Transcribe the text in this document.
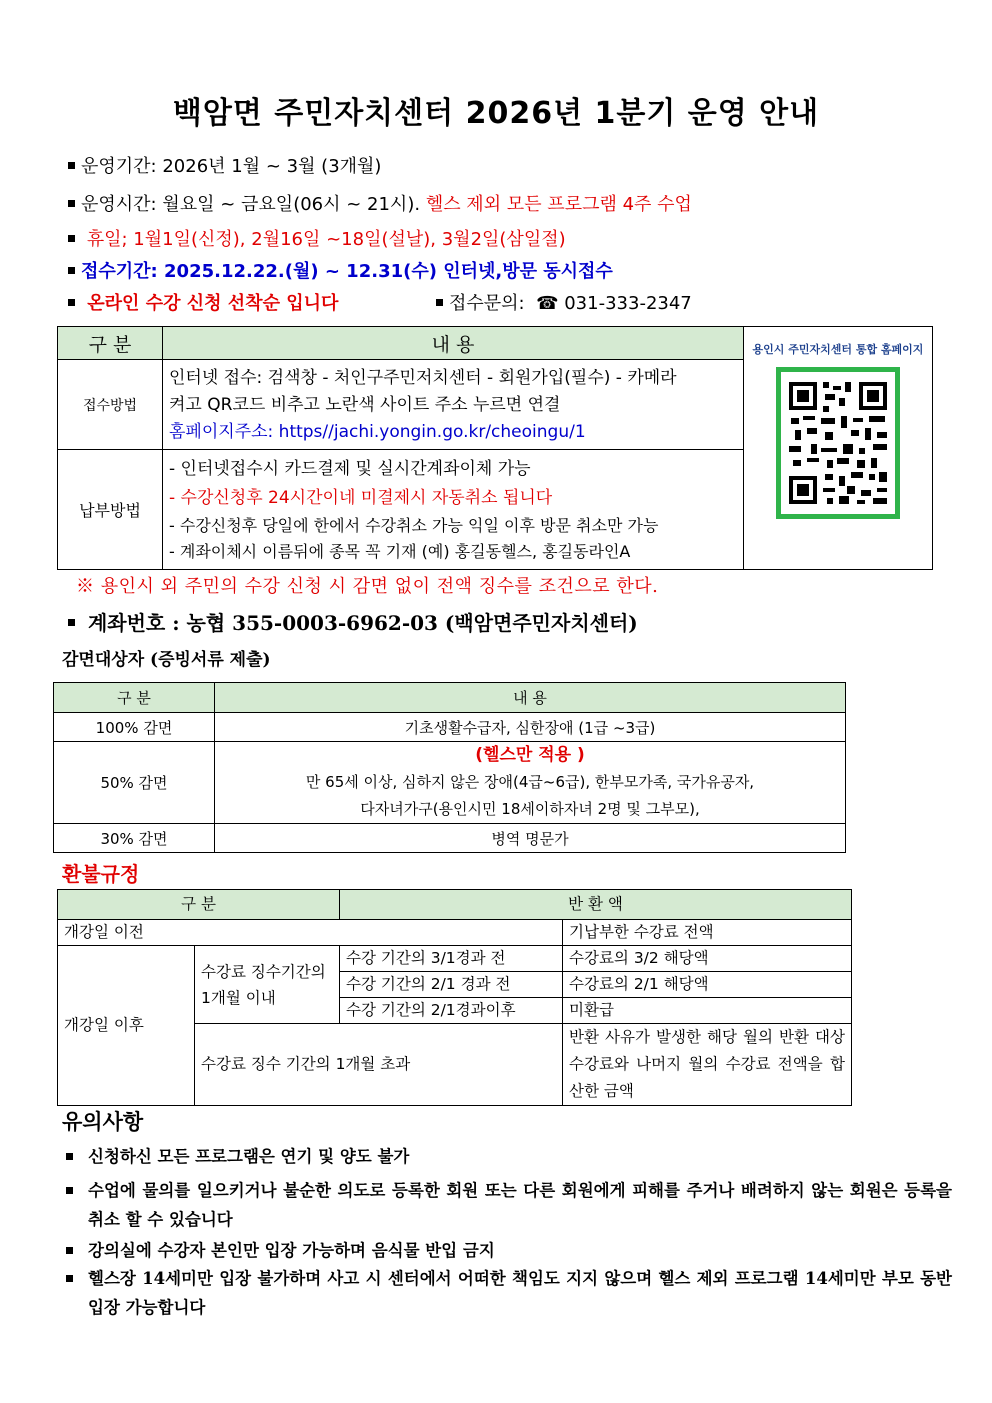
백암면 주민자치센터 2026년 1분기 운영 안내
운영기간: 2026년 1월 ~ 3월 (3개월)
운영시간: 월요일 ~ 금요일(06시 ~ 21시). 헬스 제외 모든 프로그램 4주 수업
휴일; 1월1일(신정), 2월16일 ~18일(설날), 3월2일(삼일절)
접수기간: 2025.12.22.(월) ~ 12.31(수) 인터넷,방문 동시접수
온라인 수강 신청 선착순 입니다	접수문의: ☎ 031-333-2347
구 분	내 용	용인시 주민자치센터 통합 홈페이지

접수방법	인터넷 접수: 검색창 - 처인구주민저치센터 - 회원가입(필수) - 카메라
켜고 QR코드 비추고 노란색 사이트 주소 누르면 연결
홈페이지주소: https//jachi.yongin.go.kr/cheoingu/1	

납부방법	- 인터넷접수시 카드결제 및 실시간계좌이체 가능
- 수강신청후 24시간이네 미결제시 자동취소 됩니다
- 수강신청후 당일에 한에서 수강취소 가능 익일 이후 방문 취소만 가능
- 계좌이체시 이름뒤에 종목 꼭 기재 (예) 홍길동헬스, 홍길동라인A	
※ 용인시 외 주민의 수강 신청 시 감면 없이 전액 징수를 조건으로 한다.
계좌번호 : 농협 355-0003-6962-03 (백암면주민자치센터)
감면대상자 (증빙서류 제출)
구 분	내 용
100% 감면	기초생활수급자, 심한장애 (1급 ~3급)
50% 감면	(헬스만 적용 )
만 65세 이상, 심하지 않은 장애(4급~6급), 한부모가족, 국가유공자,
다자녀가구(용인시민 18세이하자녀 2명 및 그부모),

30% 감면	병역 명문가
환불규정
구 분		반 환 액	
개강일 이전			기납부한 수강료 전액
개강일 이후	수강료 징수기간의 1개월 이내	수강 기간의 3/1경과 전	수강료의 3/2 해당액
		수강 기간의 2/1 경과 전	수강료의 2/1 해당액
		수강 기간의 2/1경과이후	미환급
	수강료 징수 기간의 1개월 초과		반환 사유가 발생한 해당 월의 반환 대상 수강료와 나머지 월의 수강료 전액을 합산한 금액
유의사항
신청하신 모든 프로그램은 연기 및 양도 불가
수업에 물의를 일으키거나 불순한 의도로 등록한 회원 또는 다른 회원에게 피해를 주거나 배려하지 않는 회원은 등록을 취소 할 수 있습니다
강의실에 수강자 본인만 입장 가능하며 음식물 반입 금지
헬스장 14세미만 입장 불가하며 사고 시 센터에서 어떠한 책임도 지지 않으며 헬스 제외 프로그램 14세미만 부모 동반 입장 가능합니다
